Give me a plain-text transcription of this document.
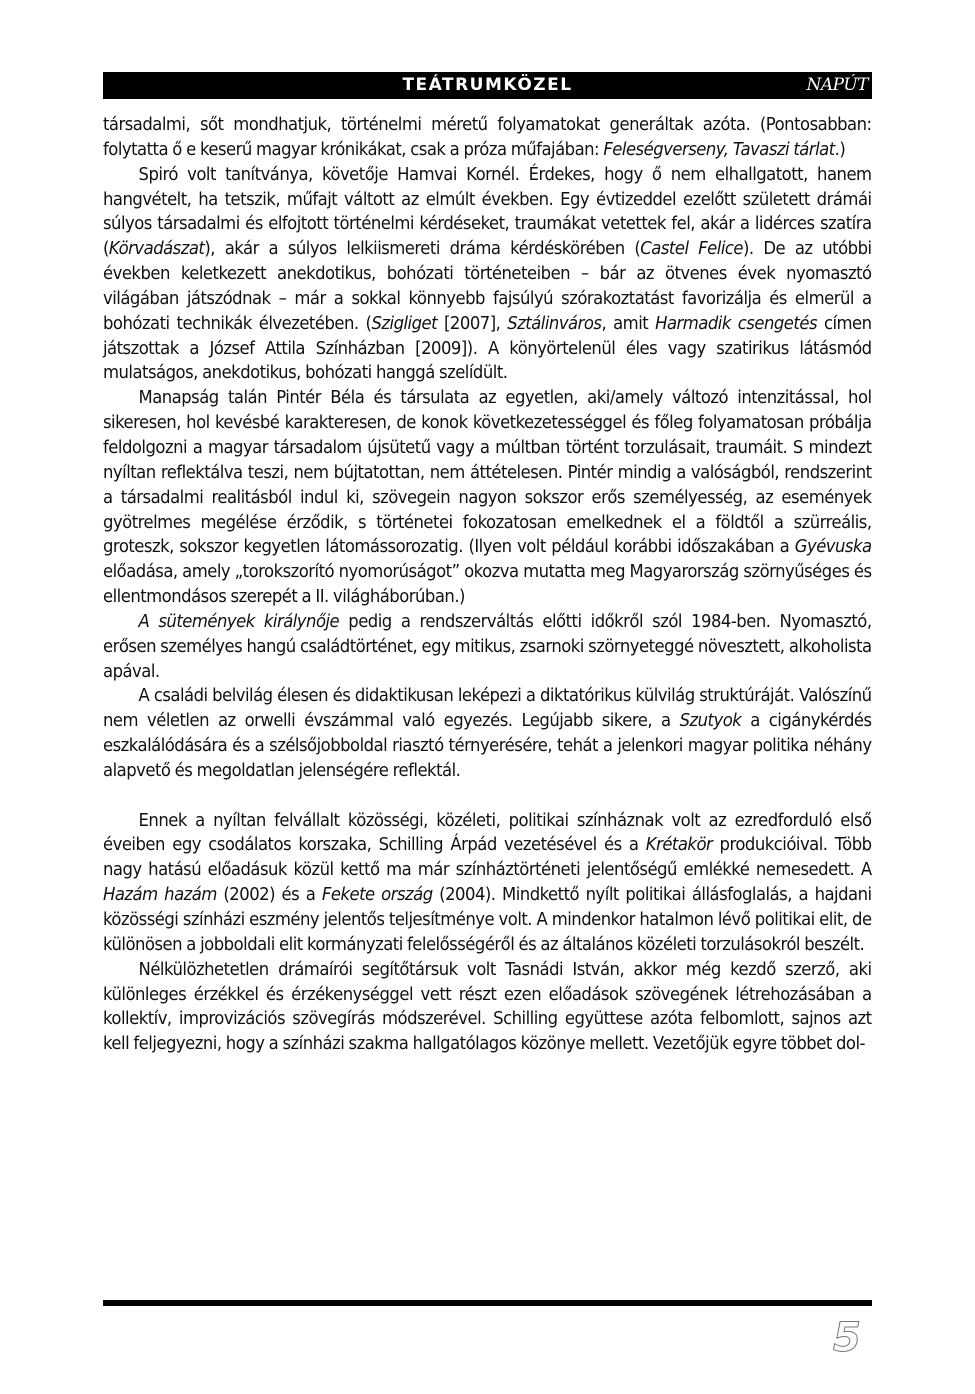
TEÁTRUMKÖZEL	NAPÚT

társadalmi, sőt mondhatjuk, történelmi méretű folyamatokat generáltak azóta. (Pontosabban: folytatta ő e keserű magyar krónikákat, csak a próza műfajában: Feleségverseny, Tavaszi tárlat.)

Spiró volt tanítványa, követője Hamvai Kornél. Érdekes, hogy ő nem elhallgatott, hanem hangvételt, ha tetszik, műfajt váltott az elmúlt években. Egy évtizeddel ezelőtt született drámái súlyos társadalmi és elfojtott történelmi kérdéseket, traumákat vetettek fel, akár a lidérces szatíra (Körvadászat), akár a súlyos lelkiismereti dráma kérdéskörében (Castel Felice). De az utóbbi években keletkezett anekdotikus, bohózati történeteiben – bár az ötvenes évek nyomasztó világában játszódnak – már a sokkal könnyebb fajsúlyú szórakoztatást favorizálja és elmerül a bohózati technikák élvezetében. (Szigliget [2007], Sztálinváros, amit Harmadik csengetés címen játszottak a József Attila Színházban [2009]). A könyörtelenül éles vagy szatirikus látásmód mulatságos, anekdotikus, bohózati hanggá szelídült.

Manapság talán Pintér Béla és társulata az egyetlen, aki/amely változó intenzitással, hol sikeresen, hol kevésbé karakteresen, de konok következetességgel és főleg folyamatosan próbálja feldolgozni a magyar társadalom újsütetű vagy a múltban történt torzulásait, traumáit. S mindezt nyíltan reflektálva teszi, nem bújtatottan, nem áttételesen. Pintér mindig a valóságból, rendszerint a társadalmi realitásból indul ki, szövegein nagyon sokszor erős személyesség, az események gyötrelmes megélése érződik, s történetei fokozatosan emelkednek el a földtől a szürreális, groteszk, sokszor kegyetlen látomássorozatig. (Ilyen volt például korábbi időszakában a Gyévuska előadása, amely „torokszorító nyomorúságot” okozva mutatta meg Magyarország szörnyűséges és ellentmondásos szerepét a II. világháborúban.)

A sütemények királynője pedig a rendszerváltás előtti időkről szól 1984-ben. Nyomasztó, erősen személyes hangú családtörténet, egy mitikus, zsarnoki szörnyeteggé növesztett, alkoholista apával.

A családi belvilág élesen és didaktikusan leképezi a diktatórikus külvilág struktúráját. Valószínű nem véletlen az orwelli évszámmal való egyezés. Legújabb sikere, a Szutyok a cigánykérdés eszkalálódására és a szélsőjobboldal riasztó térnyerésére, tehát a jelenkori magyar politika néhány alapvető és megoldatlan jelenségére reflektál.

Ennek a nyíltan felvállalt közösségi, közéleti, politikai színháznak volt az ezredforduló első éveiben egy csodálatos korszaka, Schilling Árpád vezetésével és a Krétakör produkcióival. Több nagy hatású előadásuk közül kettő ma már színháztörténeti jelentőségű emlékké nemesedett. A Hazám hazám (2002) és a Fekete ország (2004). Mindkettő nyílt politikai állásfoglalás, a hajdani közösségi színházi eszmény jelentős teljesítménye volt. A mindenkor hatalmon lévő politikai elit, de különösen a jobboldali elit kormányzati felelősségéről és az általános közéleti torzulásokról beszélt.

Nélkülözhetetlen drámaírói segítőtársuk volt Tasnádi István, akkor még kezdő szerző, aki különleges érzékkel és érzékenységgel vett részt ezen előadások szövegének létrehozásában a kollektív, improvizációs szövegírás módszerével. Schilling együttese azóta felbomlott, sajnos azt kell feljegyezni, hogy a színházi szakma hallgatólagos közönye mellett. Vezetőjük egyre többet dol-

5
